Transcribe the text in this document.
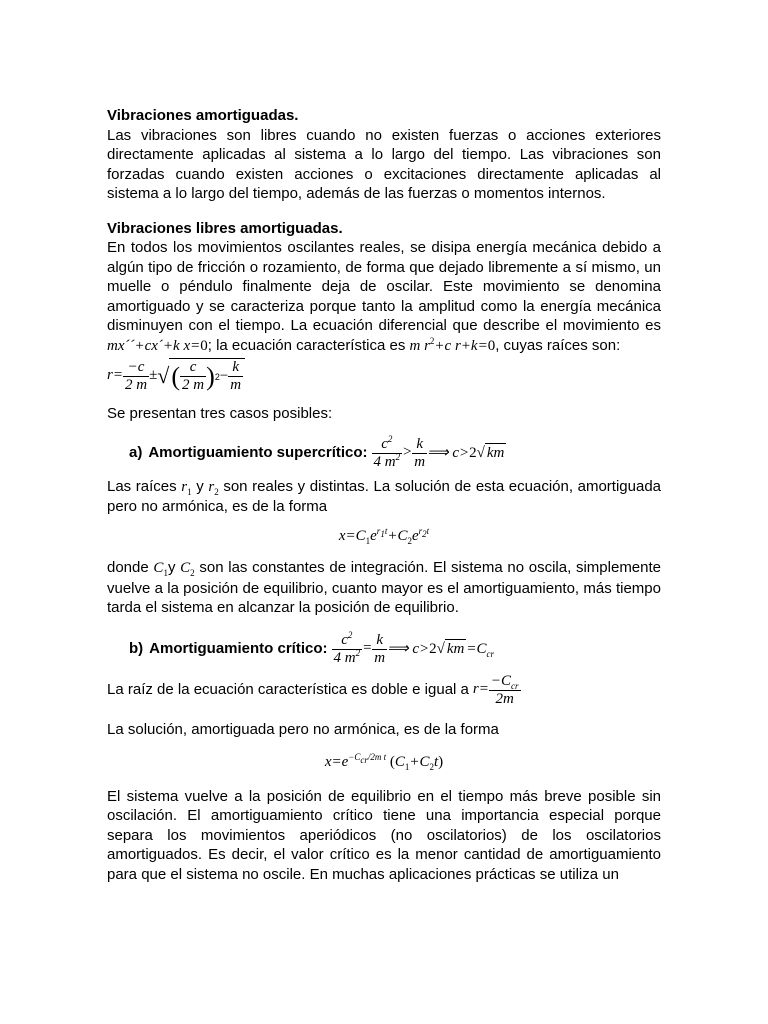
Vibraciones amortiguadas.

Las vibraciones son libres cuando no existen fuerzas o acciones exteriores directamente aplicadas al sistema a lo largo del tiempo. Las vibraciones son forzadas cuando existen acciones o excitaciones directamente aplicadas al sistema a lo largo del tiempo, además de las fuerzas o momentos internos.

Vibraciones libres amortiguadas.

En todos los movimientos oscilantes reales, se disipa energía mecánica debido a algún tipo de fricción o rozamiento, de forma que dejado libremente a sí mismo, un muelle o péndulo finalmente deja de oscilar. Este movimiento se denomina amortiguado y se caracteriza porque tanto la amplitud como la energía mecánica disminuyen con el tiempo. La ecuación diferencial que describe el movimiento es mx´´+cx´+k x=0; la ecuación característica es m $r^2+c$ r+k=0, cuyas raíces son:

$r= \frac{-c}{2 m}$ ± √ ( $\frac{c}{2 m}$ ) $2 - \frac{k}{m}$

Se presentan tres casos posibles:

a) Amortiguamiento supercrítico: $\frac{c^2}{4 m^2} > \frac{k}{m}$ ⟹ c>2√ km

Las raíces $r_1$ y $r_2$ son reales y distintas. La solución de esta ecuación, amortiguada pero no armónica, es de la forma

$x=C_1e^{r_1t}+C_2e^{r_2t}$

donde $C_1y$ $C_2$ son las constantes de integración. El sistema no oscila, simplemente vuelve a la posición de equilibrio, cuanto mayor es el amortiguamiento, más tiempo tarda el sistema en alcanzar la posición de equilibrio.

b) Amortiguamiento crítico: $\frac{c^2}{4 m^2} = \frac{k}{m}$ ⟹ c>2√ km $=C_{cr}$
La raíz de la ecuación característica es doble e igual a $r= \frac{-C_{cr}}{2m}$

La solución, amortiguada pero no armónica, es de la forma

$x=e^{-C_{cr}/2m t}$ $(C_1+C_2t)$

El sistema vuelve a la posición de equilibrio en el tiempo más breve posible sin oscilación. El amortiguamiento crítico tiene una importancia especial porque separa los movimientos aperiódicos (no oscilatorios) de los oscilatorios amortiguados. Es decir, el valor crítico es la menor cantidad de amortiguamiento para que el sistema no oscile. En muchas aplicaciones prácticas se utiliza un
